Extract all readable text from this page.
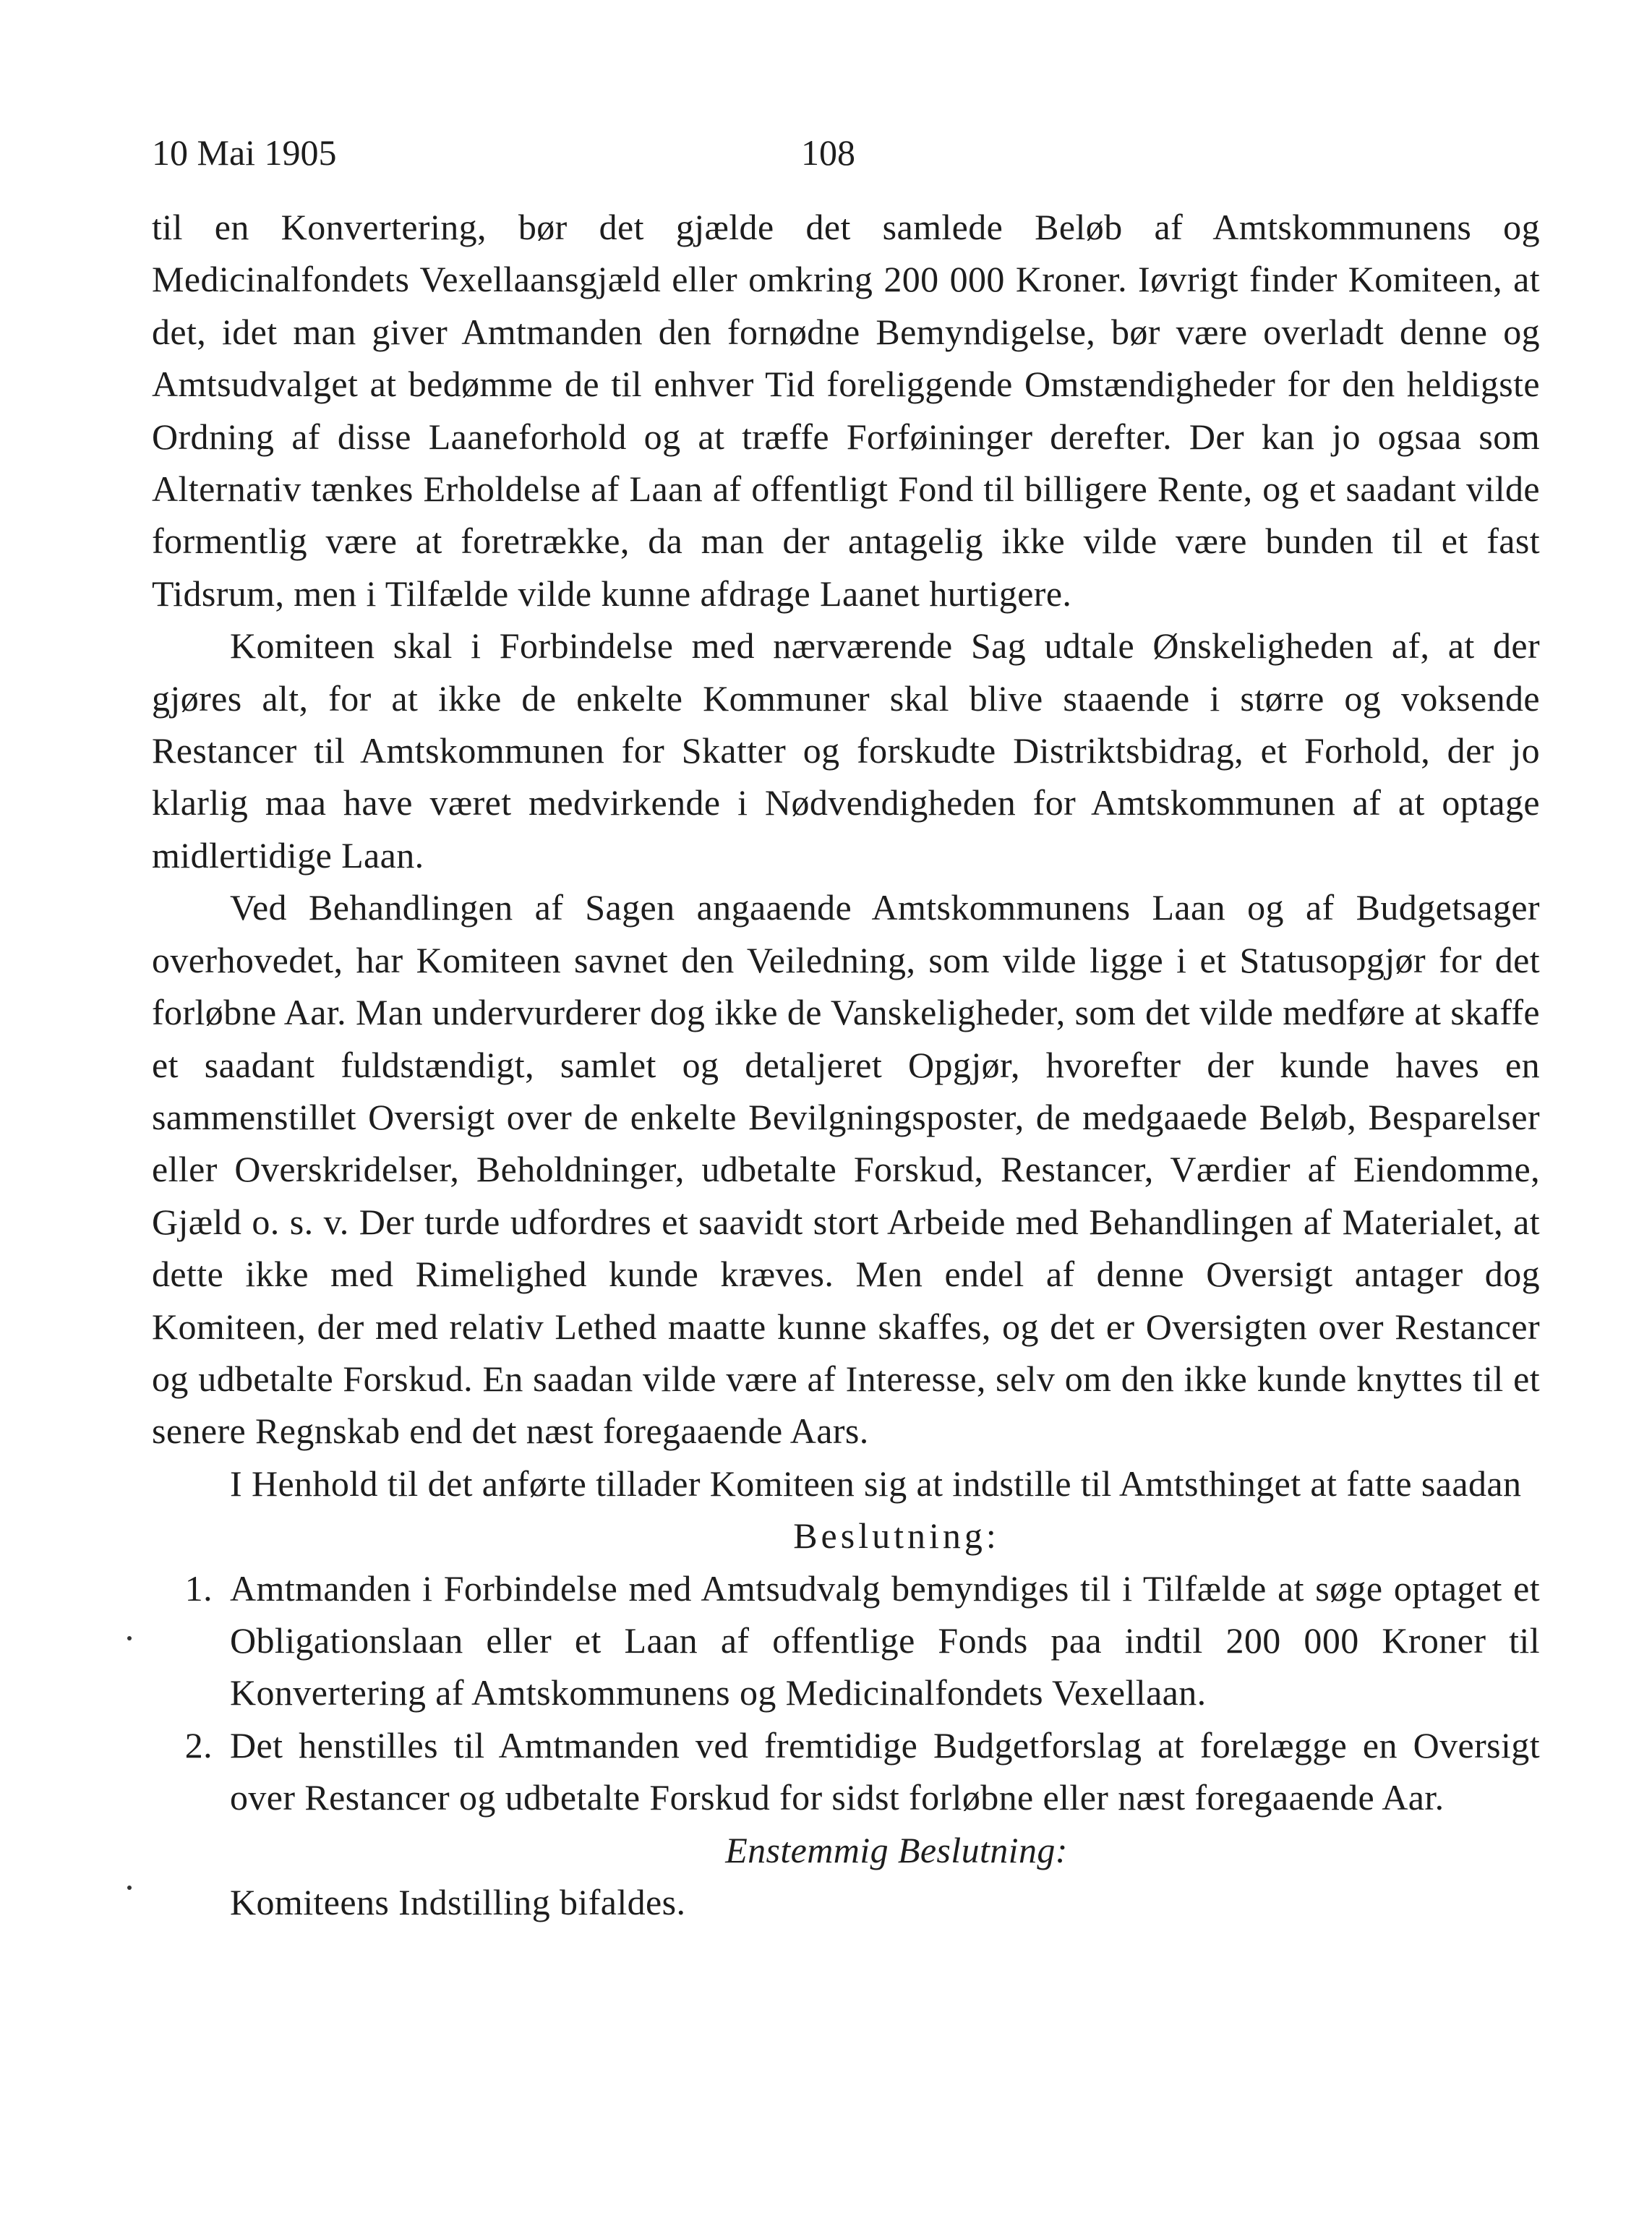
10 Mai 1905	108

til en Konvertering, bør det gjælde det samlede Beløb af Amtskommunens og Medicinalfondets Vexellaansgjæld eller omkring 200 000 Kroner. Iøvrigt finder Komiteen, at det, idet man giver Amtmanden den fornødne Bemyndigelse, bør være overladt denne og Amtsudvalget at bedømme de til enhver Tid foreliggende Omstændigheder for den heldigste Ordning af disse Laaneforhold og at træffe Forføininger derefter. Der kan jo ogsaa som Alternativ tænkes Erholdelse af Laan af offentligt Fond til billigere Rente, og et saadant vilde formentlig være at foretrække, da man der antagelig ikke vilde være bunden til et fast Tidsrum, men i Tilfælde vilde kunne afdrage Laanet hurtigere.

Komiteen skal i Forbindelse med nærværende Sag udtale Ønskeligheden af, at der gjøres alt, for at ikke de enkelte Kommuner skal blive staaende i større og voksende Restancer til Amtskommunen for Skatter og forskudte Distriktsbidrag, et Forhold, der jo klarlig maa have været medvirkende i Nødvendigheden for Amtskommunen af at optage midlertidige Laan.

Ved Behandlingen af Sagen angaaende Amtskommunens Laan og af Budgetsager overhovedet, har Komiteen savnet den Veiledning, som vilde ligge i et Statusopgjør for det forløbne Aar. Man undervurderer dog ikke de Vanskeligheder, som det vilde medføre at skaffe et saadant fuldstændigt, samlet og detaljeret Opgjør, hvorefter der kunde haves en sammenstillet Oversigt over de enkelte Bevilgningsposter, de medgaaede Beløb, Besparelser eller Overskridelser, Beholdninger, udbetalte Forskud, Restancer, Værdier af Eiendomme, Gjæld o. s. v. Der turde udfordres et saavidt stort Arbeide med Behandlingen af Materialet, at dette ikke med Rimelighed kunde kræves. Men endel af denne Oversigt antager dog Komiteen, der med relativ Lethed maatte kunne skaffes, og det er Oversigten over Restancer og udbetalte Forskud. En saadan vilde være af Interesse, selv om den ikke kunde knyttes til et senere Regnskab end det næst foregaaende Aars.

I Henhold til det anførte tillader Komiteen sig at indstille til Amtsthinget at fatte saadan

Beslutning:

1. Amtmanden i Forbindelse med Amtsudvalg bemyndiges til i Tilfælde at søge optaget et Obligationslaan eller et Laan af offentlige Fonds paa indtil 200 000 Kroner til Konvertering af Amtskommunens og Medicinalfondets Vexellaan.
2. Det henstilles til Amtmanden ved fremtidige Budgetforslag at forelægge en Oversigt over Restancer og udbetalte Forskud for sidst forløbne eller næst foregaaende Aar.

Enstemmig Beslutning:

Komiteens Indstilling bifaldes.
